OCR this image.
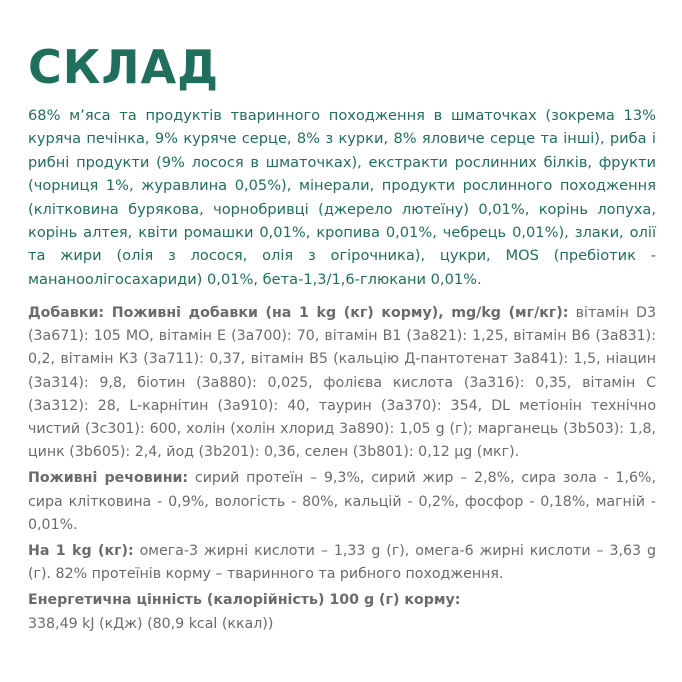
СКЛАД

68% м’яса та продуктів тваринного походження в шматочках (зокрема 13% куряча печінка, 9% куряче серце, 8% з курки, 8% яловиче серце та інші), риба і рибні продукти (9% лосося в шматочках), екстракти рослинних білків, фрукти (чорниця 1%, журавлина 0,05%), мінерали, продукти рослинного походження (клітковина бурякова, чорнобривці (джерело лютеїну) 0,01%, корінь лопуха, корінь алтея, квіти ромашки 0,01%, кропива 0,01%, чебрець 0,01%), злаки, олії та жири (олія з лосося, олія з огірочника), цукри, MOS (пребіотик - мананоолігосахариди) 0,01%, бета-1,3/1,6-глюкани 0,01%.

Добавки: Поживні добавки (на 1 kg (кг) корму), mg/kg (мг/кг): вітамін D3 (3a671): 105 МО, вітамін Е (3a700): 70, вітамін В1 (3a821): 1,25, вітамін В6 (3a831): 0,2, вітамін К3 (3a711): 0,37, вітамін В5 (кальцію Д-пантотенат 3a841): 1,5, ніацин (3a314): 9,8, біотин (3a880): 0,025, фолієва кислота (3a316): 0,35, вітамін С (3a312): 28, L-карнітин (3a910): 40, таурин (3a370): 354, DL метіонін технічно чистий (3c301): 600, холін (холін хлорид 3a890): 1,05 g (г); марганець (3b503): 1,8, цинк (3b605): 2,4, йод (3b201): 0,36, селен (3b801): 0,12 μg (мкг).

Поживні речовини: сирий протеїн – 9,3%, сирий жир – 2,8%, сира зола - 1,6%, сира клітковина - 0,9%, вологість - 80%, кальцій - 0,2%, фосфор - 0,18%, магній - 0,01%.

На 1 kg (кг): омега-3 жирні кислоти – 1,33 g (г), омега-6 жирні кислоти – 3,63 g (г). 82% протеїнів корму – тваринного та рибного походження.

Енергетична цінність (калорійність) 100 g (г) корму:
338,49 kJ (кДж) (80,9 kcal (ккал))
